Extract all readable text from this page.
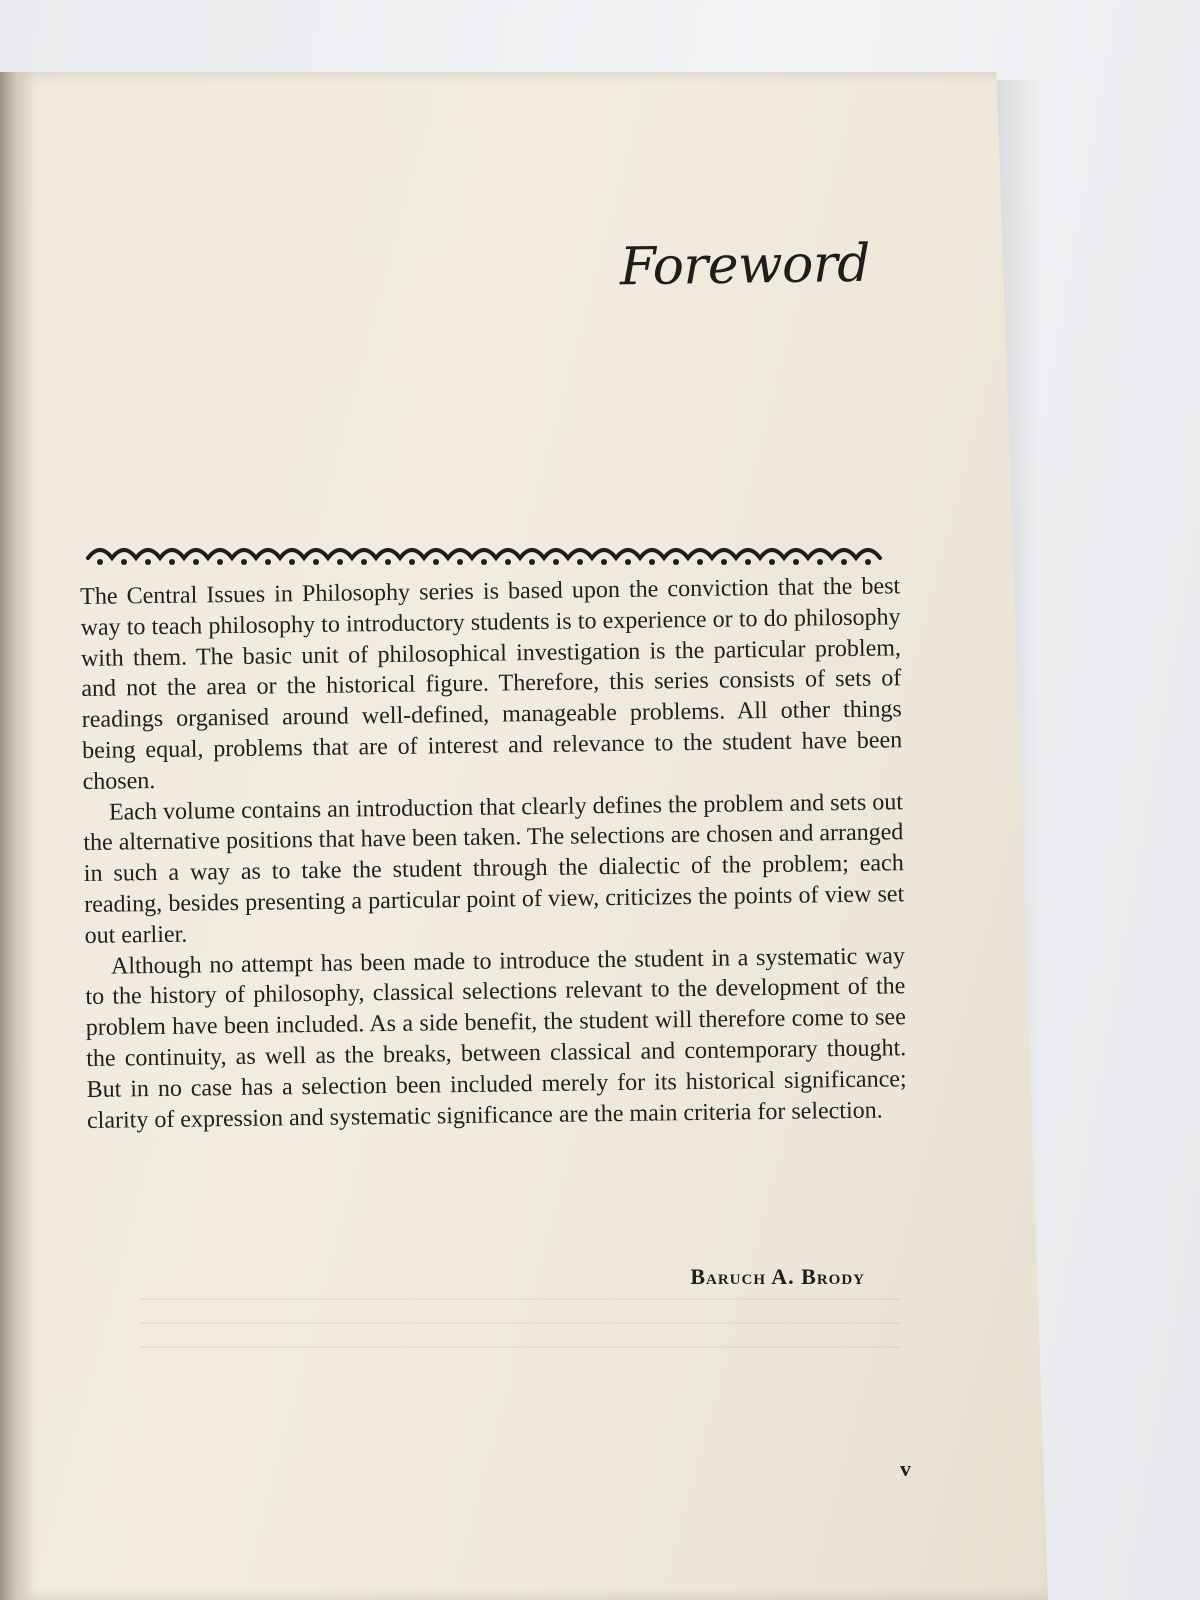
Foreword

The Central Issues in Philosophy series is based upon the conviction that the best way to teach philosophy to introductory students is to experience or to do philosophy with them. The basic unit of philosophical investigation is the particular problem, and not the area or the historical figure. Therefore, this series consists of sets of readings organised around well-defined, manageable problems. All other things being equal, problems that are of interest and relevance to the student have been chosen.

Each volume contains an introduction that clearly defines the problem and sets out the alternative positions that have been taken. The selections are chosen and arranged in such a way as to take the student through the dialectic of the problem; each reading, besides presenting a particular point of view, criticizes the points of view set out earlier.

Although no attempt has been made to introduce the student in a systematic way to the history of philosophy, classical selections relevant to the development of the problem have been included. As a side benefit, the student will therefore come to see the continuity, as well as the breaks, between classical and contemporary thought. But in no case has a selection been included merely for its historical significance; clarity of expression and systematic significance are the main criteria for selection.

Baruch A. Brody
v
